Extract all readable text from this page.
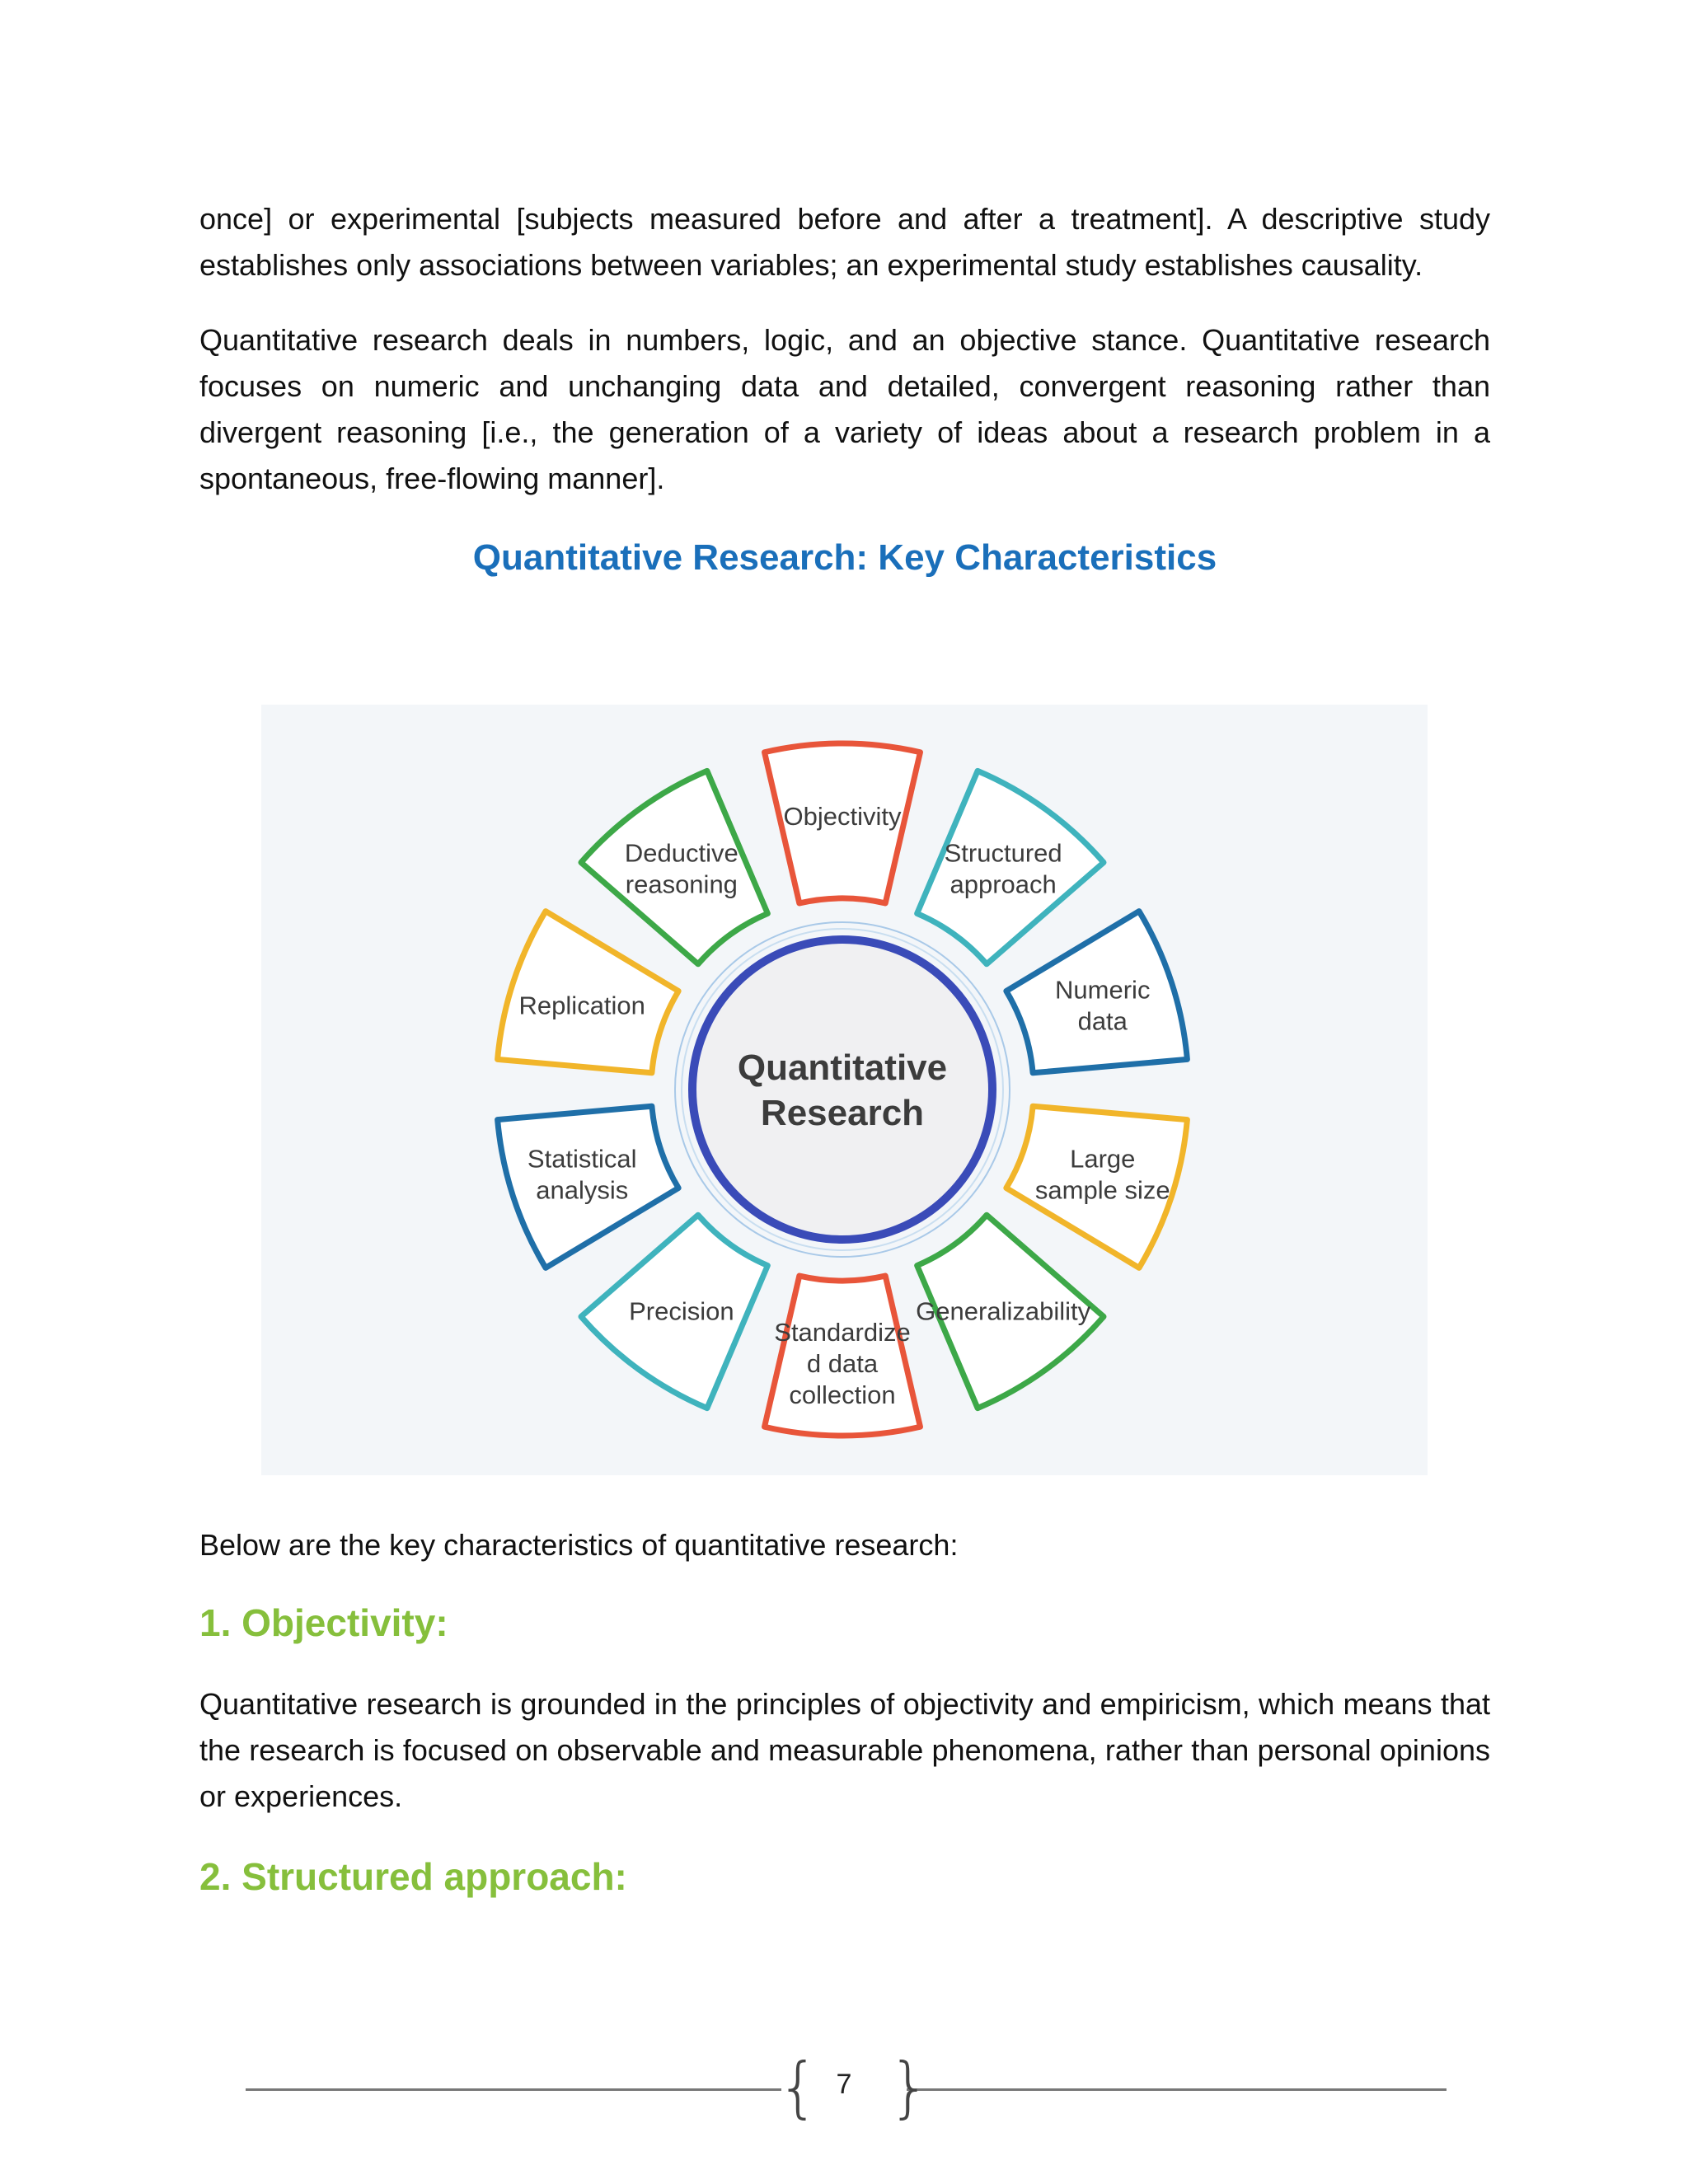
once] or experimental [subjects measured before and after a treatment]. A descriptive study establishes only associations between variables; an experimental study establishes causality.

Quantitative research deals in numbers, logic, and an objective stance. Quantitative research focuses on numeric and unchanging data and detailed, convergent reasoning rather than divergent reasoning [i.e., the generation of a variety of ideas about a research problem in a spontaneous, free-flowing manner].

Quantitative Research: Key Characteristics
Objectivity
Structured
approach
Numeric
data
Large
sample size
Generalizability
Standardize
d data
collection
Precision
Statistical
analysis
Replication
Deductive
reasoning
Quantitative
Research

Below are the key characteristics of quantitative research:

1. Objectivity:

Quantitative research is grounded in the principles of objectivity and empiricism, which means that the research is focused on observable and measurable phenomena, rather than personal opinions or experiences.

2. Structured approach:
{ }
7
